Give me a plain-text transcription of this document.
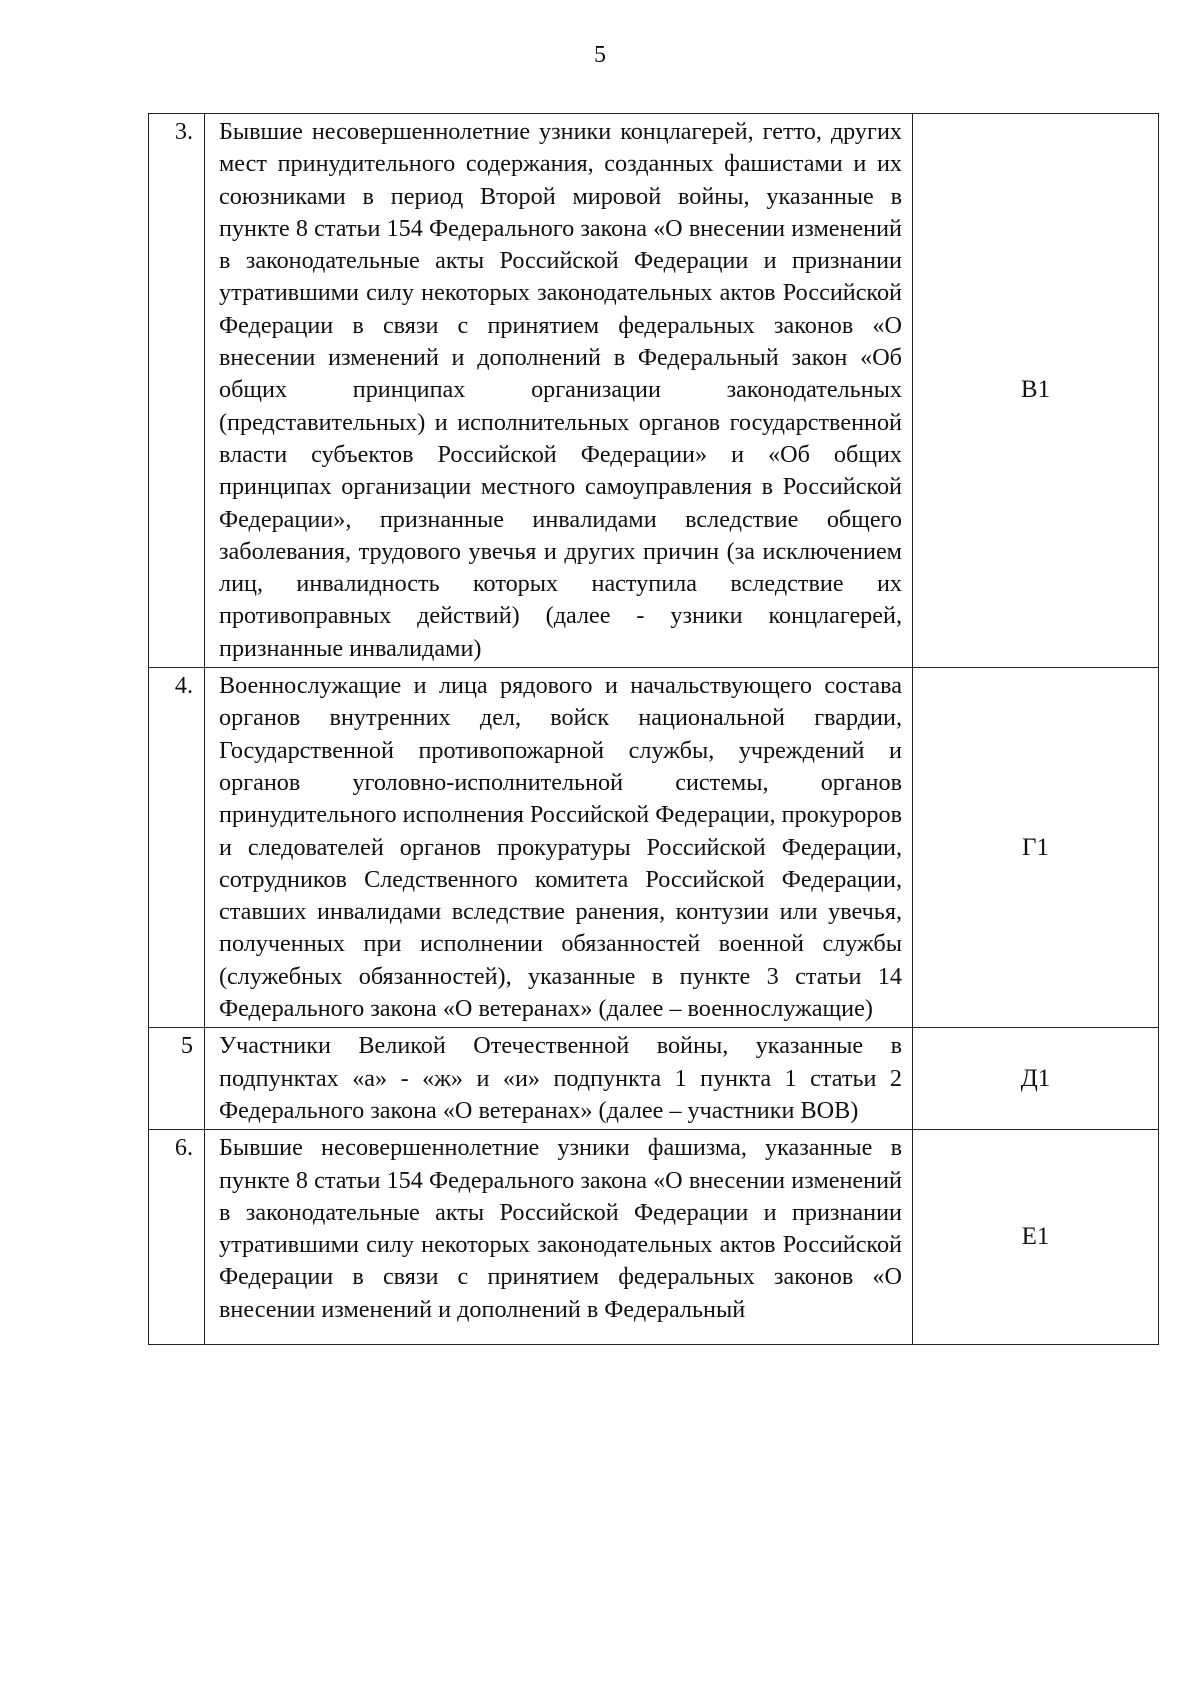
5
3.	Бывшие несовершеннолетние узники концлагерей, гетто, других мест принудительного содержания, созданных фашистами и их союзниками в период Второй мировой войны, указанные в пункте 8 статьи 154 Федерального закона «О внесении изменений в законодательные акты Российской Федерации и признании утратившими силу некоторых законодательных актов Российской Федерации в связи с принятием федеральных законов «О внесении изменений и дополнений в Федеральный закон «Об общих принципах организации законодательных (представительных) и исполнительных органов государственной власти субъектов Российской Федерации» и «Об общих принципах организации местного самоуправления в Российской Федерации», признанные инвалидами вследствие общего заболевания, трудового увечья и других причин (за исключением лиц, инвалидность которых наступила вследствие их противоправных действий) (далее - узники концлагерей, признанные инвалидами)	В1
4.	Военнослужащие и лица рядового и начальствующего состава органов внутренних дел, войск национальной гвардии, Государственной противопожарной службы, учреждений и органов уголовно-исполнительной системы, органов принудительного исполнения Российской Федерации, прокуроров и следователей органов прокуратуры Российской Федерации, сотрудников Следственного комитета Российской Федерации, ставших инвалидами вследствие ранения, контузии или увечья, полученных при исполнении обязанностей военной службы (служебных обязанностей), указанные в пункте 3 статьи 14 Федерального закона «О ветеранах» (далее – военнослужащие)	Г1
5	Участники Великой Отечественной войны, указанные в подпунктах «а» - «ж» и «и» подпункта 1 пункта 1 статьи 2 Федерального закона «О ветеранах» (далее – участники ВОВ)	Д1
6.	Бывшие несовершеннолетние узники фашизма, указанные в пункте 8 статьи 154 Федерального закона «О внесении изменений в законодательные акты Российской Федерации и признании утратившими силу некоторых законодательных актов Российской Федерации в связи с принятием федеральных законов «О внесении изменений и дополнений в Федеральный	Е1
